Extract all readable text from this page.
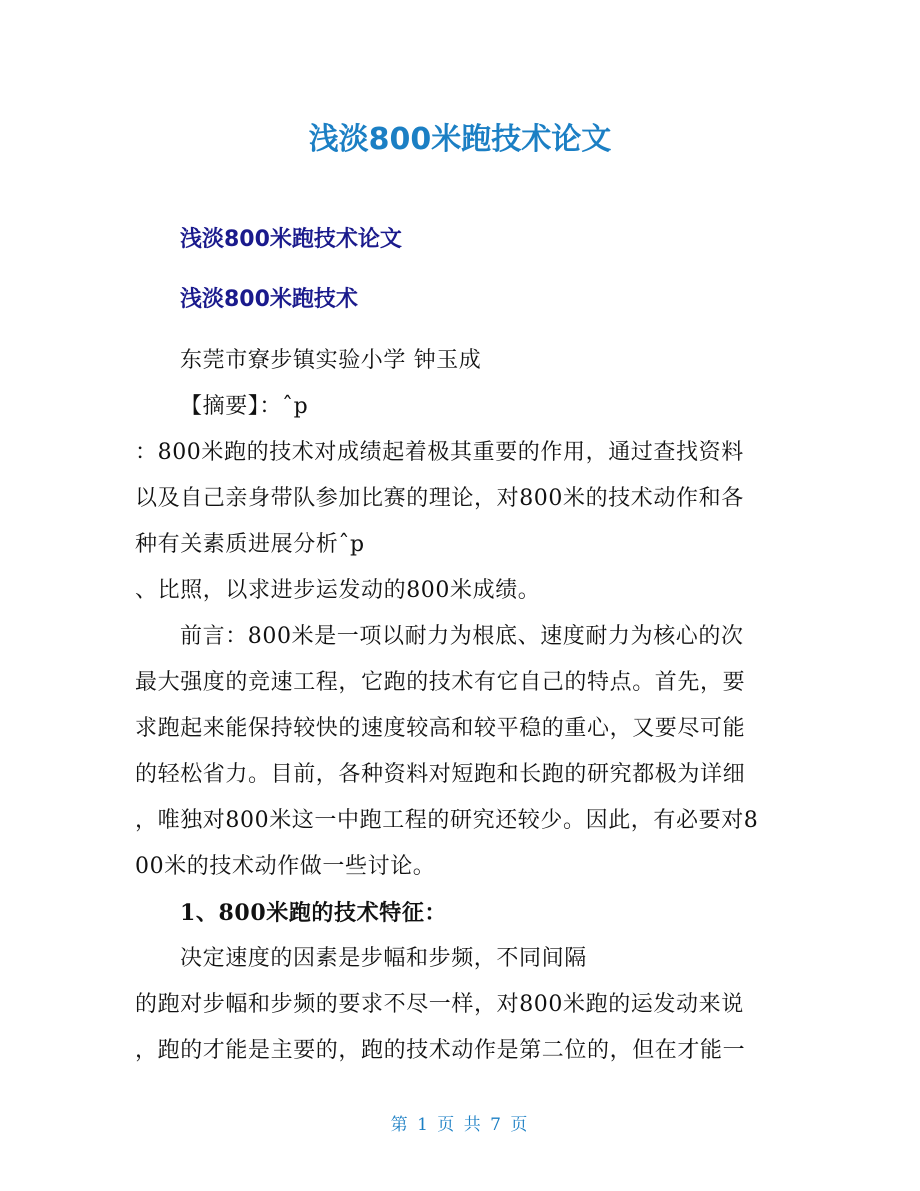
浅淡800米跑技术论文
浅淡800米跑技术论文
浅淡800米跑技术
东莞市寮步镇实验小学 钟玉成
【摘要】：ˆp
：800米跑的技术对成绩起着极其重要的作用，通过查找资料
以及自己亲身带队参加比赛的理论，对800米的技术动作和各
种有关素质进展分析ˆp
、比照，以求进步运发动的800米成绩。
前言：800米是一项以耐力为根底、速度耐力为核心的次
最大强度的竞速工程，它跑的技术有它自己的特点。首先，要
求跑起来能保持较快的速度较高和较平稳的重心，又要尽可能
的轻松省力。目前，各种资料对短跑和长跑的研究都极为详细
，唯独对800米这一中跑工程的研究还较少。因此，有必要对8
00米的技术动作做一些讨论。
1、800米跑的技术特征：
决定速度的因素是步幅和步频，不同间隔
的跑对步幅和步频的要求不尽一样，对800米跑的运发动来说
，跑的才能是主要的，跑的技术动作是第二位的，但在才能一
第 1 页 共 7 页
